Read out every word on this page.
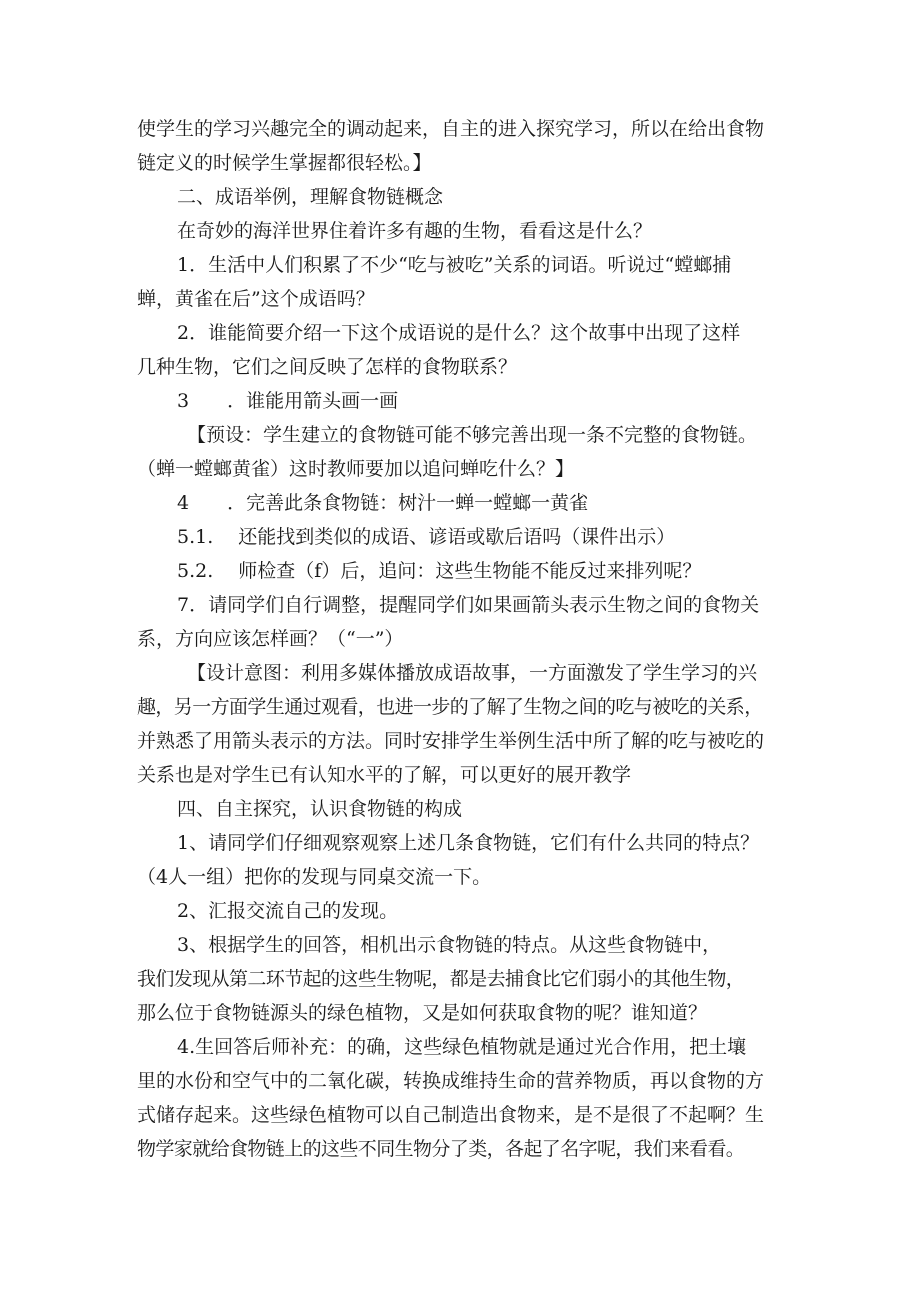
使学生的学习兴趣完全的调动起来，自主的进入探究学习，所以在给出食物

链定义的时候学生掌握都很轻松。】

二、成语举例，理解食物链概念

在奇妙的海洋世界住着许多有趣的生物，看看这是什么？

1．生活中人们积累了不少“吃与被吃”关系的词语。听说过“螳螂捕

蝉，黄雀在后”这个成语吗？

2．谁能简要介绍一下这个成语说的是什么？这个故事中出现了这样

几种生物，它们之间反映了怎样的食物联系？

3　　．谁能用箭头画一画

【预设：学生建立的食物链可能不够完善出现一条不完整的食物链。

（蝉一螳螂黄雀）这时教师要加以追问蝉吃什么？】

4　　．完善此条食物链：树汁一蝉一螳螂一黄雀

5.1.　 还能找到类似的成语、谚语或歇后语吗（课件出示）

5.2.　 师检查（f）后，追问：这些生物能不能反过来排列呢？

7．请同学们自行调整，提醒同学们如果画箭头表示生物之间的食物关

系，方向应该怎样画？（“一”）

【设计意图：利用多媒体播放成语故事，一方面激发了学生学习的兴

趣，另一方面学生通过观看，也进一步的了解了生物之间的吃与被吃的关系，

并熟悉了用箭头表示的方法。同时安排学生举例生活中所了解的吃与被吃的

关系也是对学生已有认知水平的了解，可以更好的展开教学

四、自主探究，认识食物链的构成

1、请同学们仔细观察观察上述几条食物链，它们有什么共同的特点？

（4人一组）把你的发现与同桌交流一下。

2、汇报交流自己的发现。

3、根据学生的回答，相机出示食物链的特点。从这些食物链中，

我们发现从第二环节起的这些生物呢，都是去捕食比它们弱小的其他生物，

那么位于食物链源头的绿色植物，又是如何获取食物的呢？谁知道？

4.生回答后师补充：的确，这些绿色植物就是通过光合作用，把土壤

里的水份和空气中的二氧化碳，转换成维持生命的营养物质，再以食物的方

式储存起来。这些绿色植物可以自己制造出食物来，是不是很了不起啊？生

物学家就给食物链上的这些不同生物分了类，各起了名字呢，我们来看看。
